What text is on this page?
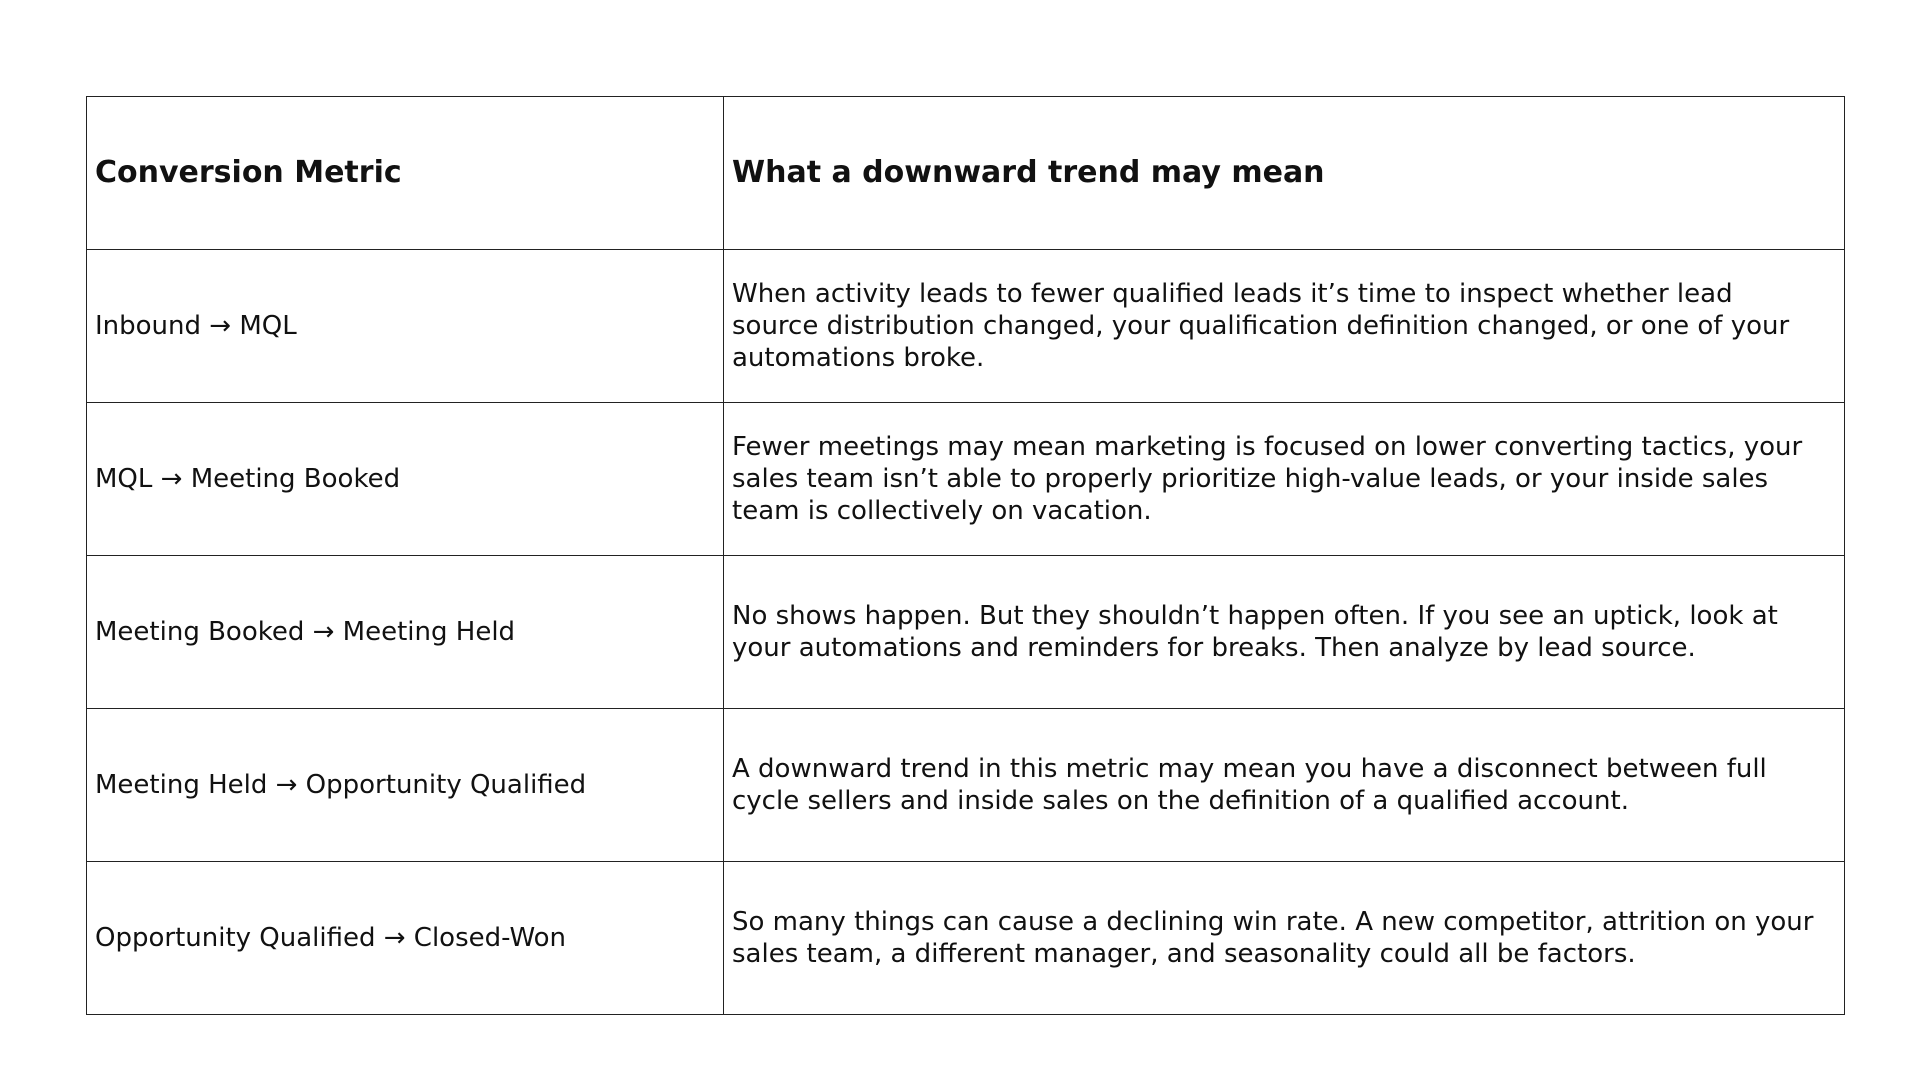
Conversion Metric	What a downward trend may mean
Inbound → MQL	When activity leads to fewer qualified leads it’s time to inspect whether lead source distribution changed, your qualification definition changed, or one of your automations broke.
MQL → Meeting Booked	Fewer meetings may mean marketing is focused on lower converting tactics, your sales team isn’t able to properly prioritize high-value leads, or your inside sales team is collectively on vacation.
Meeting Booked → Meeting Held	No shows happen. But they shouldn’t happen often. If you see an uptick, look at your automations and reminders for breaks. Then analyze by lead source.
Meeting Held → Opportunity Qualified	A downward trend in this metric may mean you have a disconnect between full cycle sellers and inside sales on the definition of a qualified account.
Opportunity Qualified → Closed-Won	So many things can cause a declining win rate. A new competitor, attrition on your sales team, a different manager, and seasonality could all be factors.
